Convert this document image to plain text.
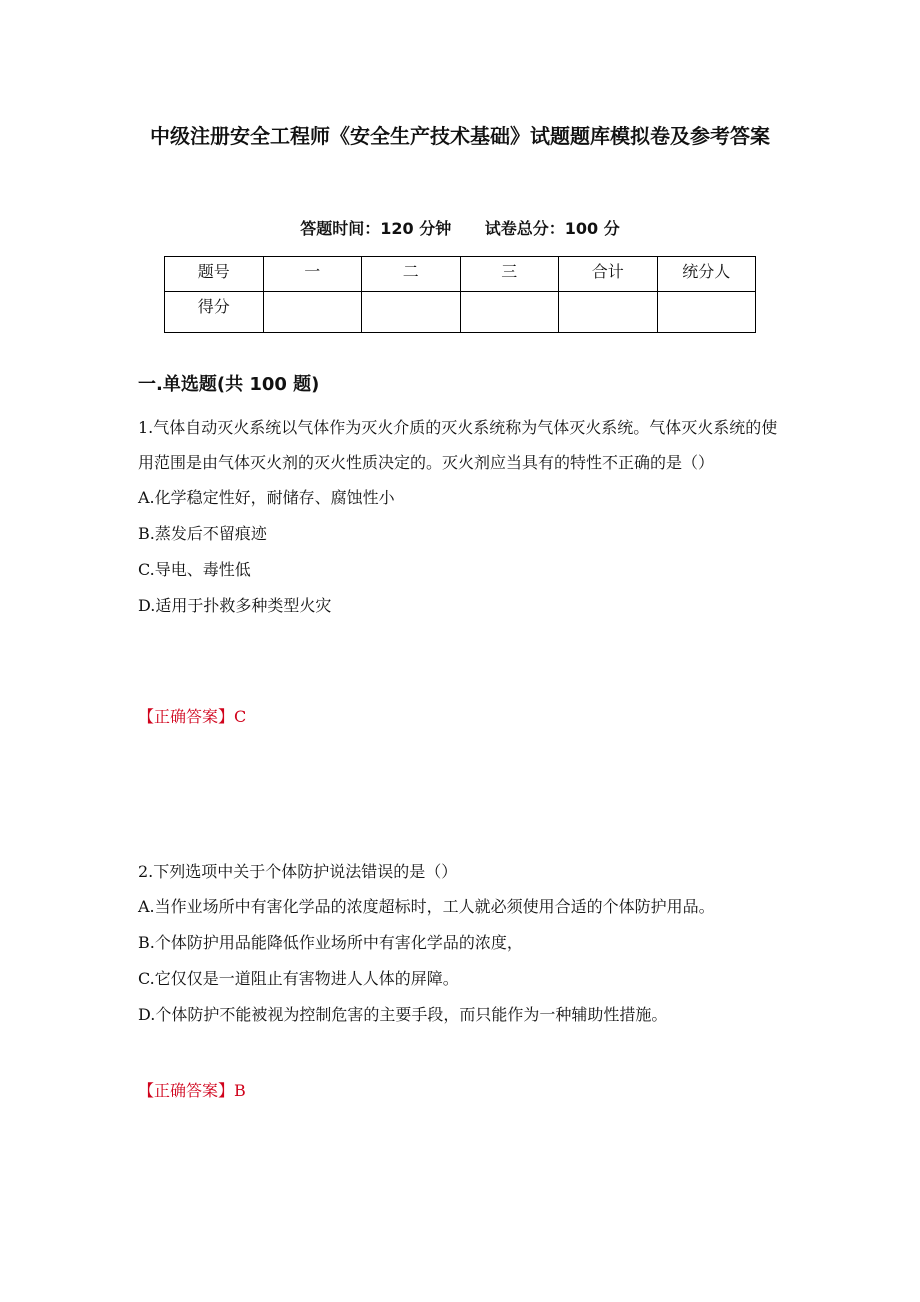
中级注册安全工程师《安全生产技术基础》试题题库模拟卷及参考答案
答题时间：120 分钟 试卷总分：100 分
题号	一	二	三	合计	统分人
得分					
一.单选题(共 100 题)

1.气体自动灭火系统以气体作为灭火介质的灭火系统称为气体灭火系统。气体灭火系统的使用范围是由气体灭火剂的灭火性质决定的。灭火剂应当具有的特性不正确的是（）

A.化学稳定性好，耐储存、腐蚀性小

B.蒸发后不留痕迹

C.导电、毒性低

D.适用于扑救多种类型火灾

【正确答案】C

2.下列选项中关于个体防护说法错误的是（）

A.当作业场所中有害化学品的浓度超标时，工人就必须使用合适的个体防护用品。

B.个体防护用品能降低作业场所中有害化学品的浓度，

C.它仅仅是一道阻止有害物进人人体的屏障。

D.个体防护不能被视为控制危害的主要手段，而只能作为一种辅助性措施。

【正确答案】B
